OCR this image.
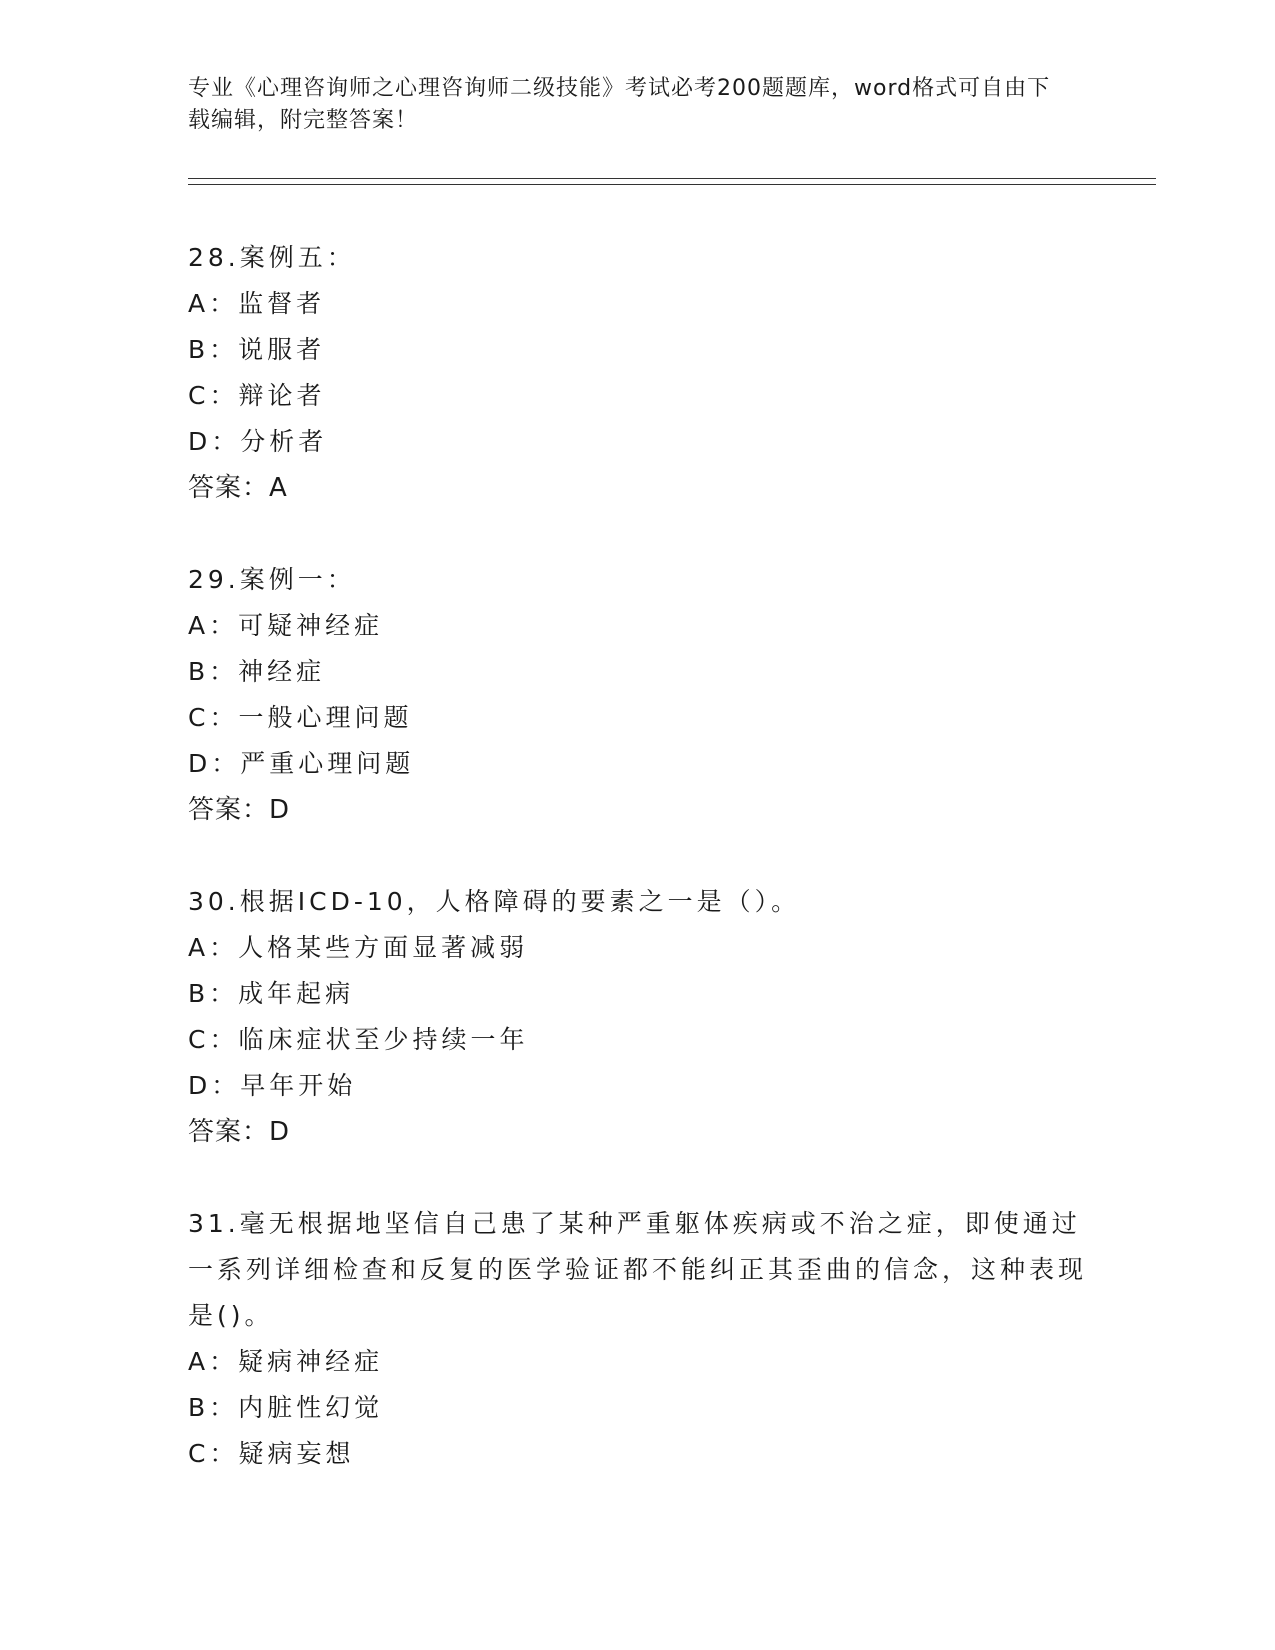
专业《心理咨询师之心理咨询师二级技能》考试必考200题题库，word格式可自由下载编辑，附完整答案！

28.案例五：

A：监督者

B：说服者

C：辩论者

D：分析者

答案：A

29.案例一：

A：可疑神经症

B：神经症

C：一般心理问题

D：严重心理问题

答案：D

30.根据ICD-10，人格障碍的要素之一是（）。

A：人格某些方面显著减弱

B：成年起病

C：临床症状至少持续一年

D：早年开始

答案：D

31.毫无根据地坚信自己患了某种严重躯体疾病或不治之症，即使通过一系列详细检查和反复的医学验证都不能纠正其歪曲的信念，这种表现是()。

A：疑病神经症

B：内脏性幻觉

C：疑病妄想
